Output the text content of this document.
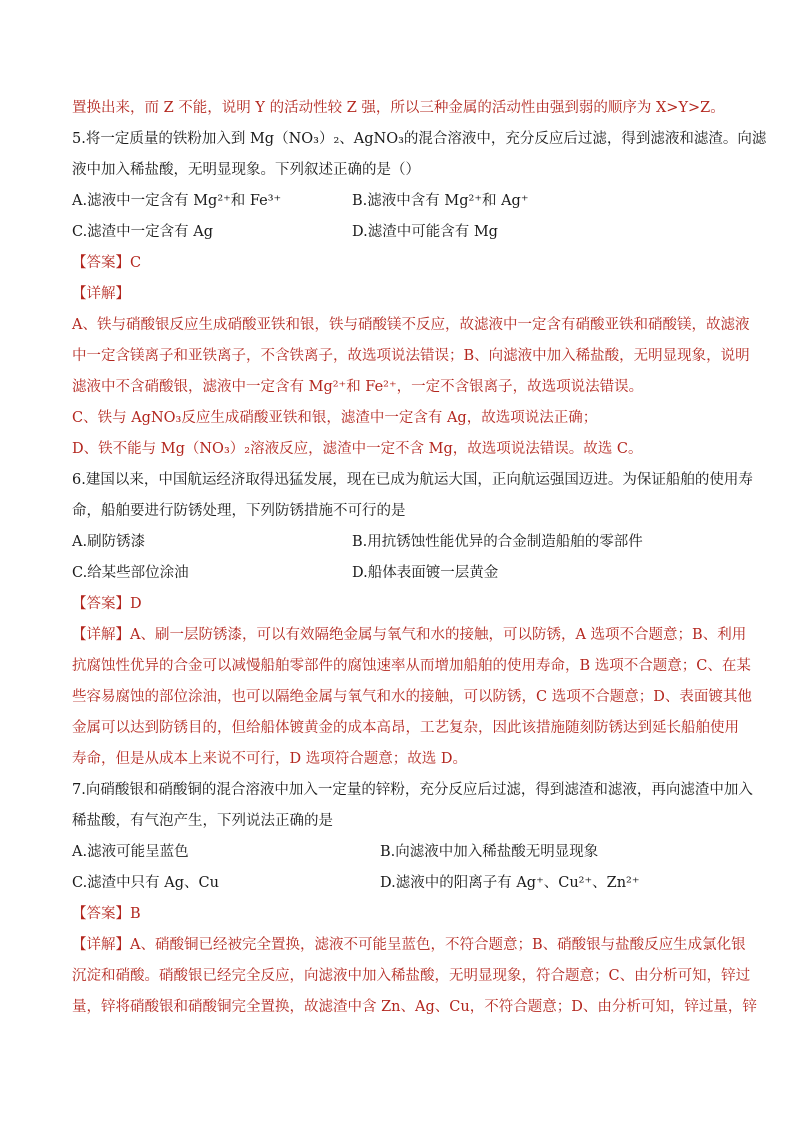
置换出来，而 Z 不能，说明 Y 的活动性较 Z 强，所以三种金属的活动性由强到弱的顺序为 X>Y>Z。
5.将一定质量的铁粉加入到 Mg（NO₃）₂、AgNO₃的混合溶液中，充分反应后过滤，得到滤液和滤渣。向滤
液中加入稀盐酸，无明显现象。下列叙述正确的是（）
A.滤液中一定含有 Mg²⁺和 Fe³⁺	B.滤液中含有 Mg²⁺和 Ag⁺
C.滤渣中一定含有 Ag	D.滤渣中可能含有 Mg
【答案】C
【详解】
A、铁与硝酸银反应生成硝酸亚铁和银，铁与硝酸镁不反应，故滤液中一定含有硝酸亚铁和硝酸镁，故滤液
中一定含镁离子和亚铁离子，不含铁离子，故选项说法错误；B、向滤液中加入稀盐酸，无明显现象，说明
滤液中不含硝酸银，滤液中一定含有 Mg²⁺和 Fe²⁺，一定不含银离子，故选项说法错误。
C、铁与 AgNO₃反应生成硝酸亚铁和银，滤渣中一定含有 Ag，故选项说法正确；
D、铁不能与 Mg（NO₃）₂溶液反应，滤渣中一定不含 Mg，故选项说法错误。故选 C。
6.建国以来，中国航运经济取得迅猛发展，现在已成为航运大国，正向航运强国迈进。为保证船舶的使用寿
命，船舶要进行防锈处理，下列防锈措施不可行的是
A.刷防锈漆	B.用抗锈蚀性能优异的合金制造船舶的零部件
C.给某些部位涂油	D.船体表面镀一层黄金
【答案】D
【详解】A、刷一层防锈漆，可以有效隔绝金属与氧气和水的接触，可以防锈，A 选项不合题意；B、利用
抗腐蚀性优异的合金可以减慢船舶零部件的腐蚀速率从而增加船舶的使用寿命，B 选项不合题意；C、在某
些容易腐蚀的部位涂油，也可以隔绝金属与氧气和水的接触，可以防锈，C 选项不合题意；D、表面镀其他
金属可以达到防锈目的，但给船体镀黄金的成本高昂，工艺复杂，因此该措施随刻防锈达到延长船舶使用
寿命，但是从成本上来说不可行，D 选项符合题意；故选 D。
7.向硝酸银和硝酸铜的混合溶液中加入一定量的锌粉，充分反应后过滤，得到滤渣和滤液，再向滤渣中加入
稀盐酸，有气泡产生，下列说法正确的是
A.滤液可能呈蓝色	B.向滤液中加入稀盐酸无明显现象
C.滤渣中只有 Ag、Cu	D.滤液中的阳离子有 Ag⁺、Cu²⁺、Zn²⁺
【答案】B
【详解】A、硝酸铜已经被完全置换，滤液不可能呈蓝色，不符合题意；B、硝酸银与盐酸反应生成氯化银
沉淀和硝酸。硝酸银已经完全反应，向滤液中加入稀盐酸，无明显现象，符合题意；C、由分析可知，锌过
量，锌将硝酸银和硝酸铜完全置换，故滤渣中含 Zn、Ag、Cu，不符合题意；D、由分析可知，锌过量，锌
